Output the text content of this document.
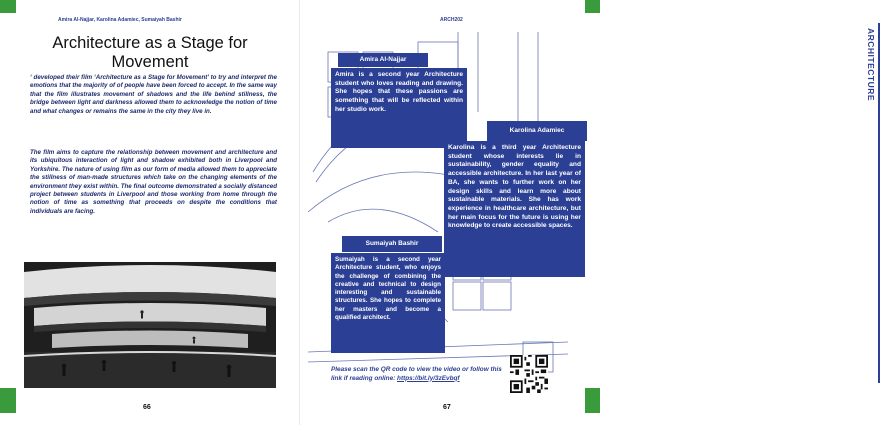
Amira Al-Najjar, Karolina Adamiec, Sumaiyah Bashir
Architecture as a Stage for Movement
‘ developed their film ‘Architecture as a Stage for Movement’ to try and interpret the emotions that the majority of of people have been forced to accept. In the same way that the film illustrates movement of shadows and the life behind stillness, the bridge between light and darkness allowed them to acknowledge the notion of time and what changes or remains the same in the city they live in.
The film aims to capture the relationship between movement and architecture and its ubiquitous interaction of light and shadow exhibited both in Liverpool and Yorkshire. The nature of using film as our form of media allowed them to appreciate the stillness of man-made structures which take on the changing elements of the environment they exist within. The final outcome demonstrated a socially distanced project between students in Liverpool and those working from home through the notion of time as something that proceeds on despite the conditions that individuals are facing.
66
ARCH202
ARCHITECTURE
Amira Al-Najjar
Amira is a second year Architecture student who loves reading and drawing. She hopes that these passions are something that will be reflected within her studio work.
Karolina Adamiec
Karolina is a third year Architecture student whose interests lie in sustainability, gender equality and accessible architecture. In her last year of BA, she wants to further work on her design skills and learn more about sustainable materials. She has work experience in healthcare architecture, but her main focus for the future is using her knowledge to create accessible spaces.
Sumaiyah Bashir
Sumaiyah is a second year Architecture student, who enjoys the challenge of combining the creative and technical to design interesting and sustainable structures. She hopes to complete her masters and become a qualified architect.
67
Please scan the QR code to view the video or follow this link if reading online: https://bit.ly/3zEvbqf
